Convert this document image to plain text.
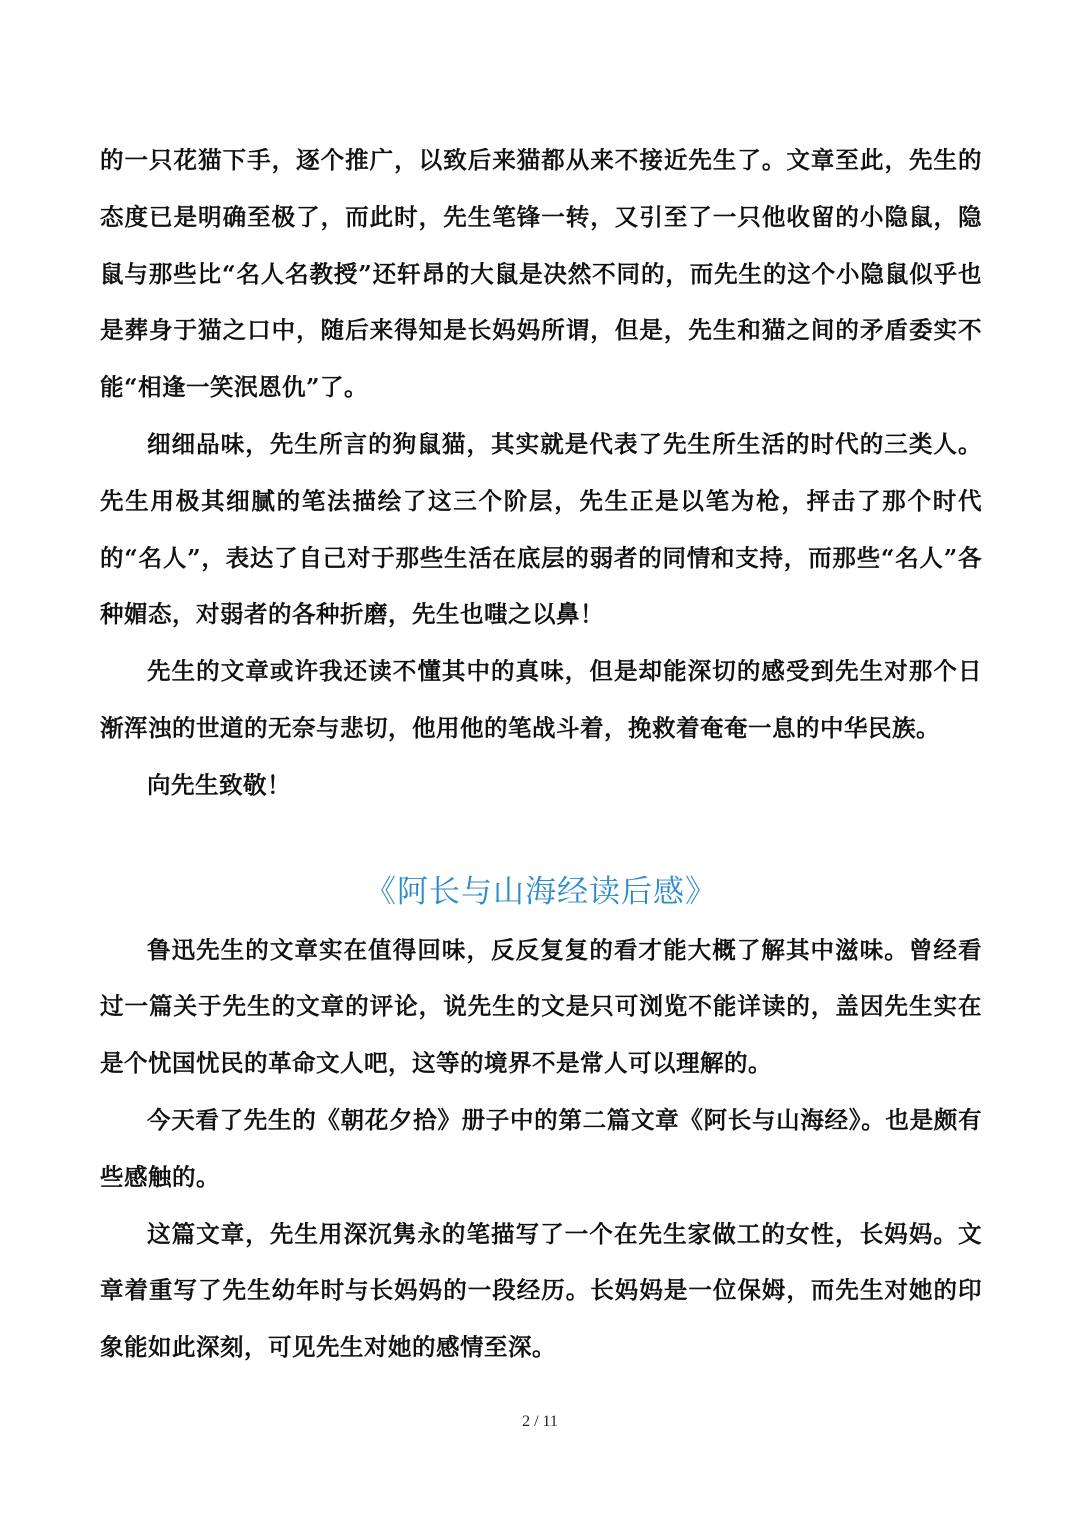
的一只花猫下手，逐个推广，以致后来猫都从来不接近先生了。文章至此，先生的态度已是明确至极了，而此时，先生笔锋一转，又引至了一只他收留的小隐鼠，隐鼠与那些比“名人名教授”还轩昂的大鼠是决然不同的，而先生的这个小隐鼠似乎也是葬身于猫之口中，随后来得知是长妈妈所谓，但是，先生和猫之间的矛盾委实不能“相逢一笑泯恩仇”了。

细细品味，先生所言的狗鼠猫，其实就是代表了先生所生活的时代的三类人。先生用极其细腻的笔法描绘了这三个阶层，先生正是以笔为枪，抨击了那个时代的“名人”，表达了自己对于那些生活在底层的弱者的同情和支持，而那些“名人”各种媚态，对弱者的各种折磨，先生也嗤之以鼻！

先生的文章或许我还读不懂其中的真味，但是却能深切的感受到先生对那个日渐浑浊的世道的无奈与悲切，他用他的笔战斗着，挽救着奄奄一息的中华民族。

向先生致敬！

《阿长与山海经读后感》

鲁迅先生的文章实在值得回味，反反复复的看才能大概了解其中滋味。曾经看过一篇关于先生的文章的评论，说先生的文是只可浏览不能详读的，盖因先生实在是个忧国忧民的革命文人吧，这等的境界不是常人可以理解的。

今天看了先生的《朝花夕拾》册子中的第二篇文章《阿长与山海经》。也是颇有些感触的。

这篇文章，先生用深沉隽永的笔描写了一个在先生家做工的女性，长妈妈。文章着重写了先生幼年时与长妈妈的一段经历。长妈妈是一位保姆，而先生对她的印象能如此深刻，可见先生对她的感情至深。

2 / 11
